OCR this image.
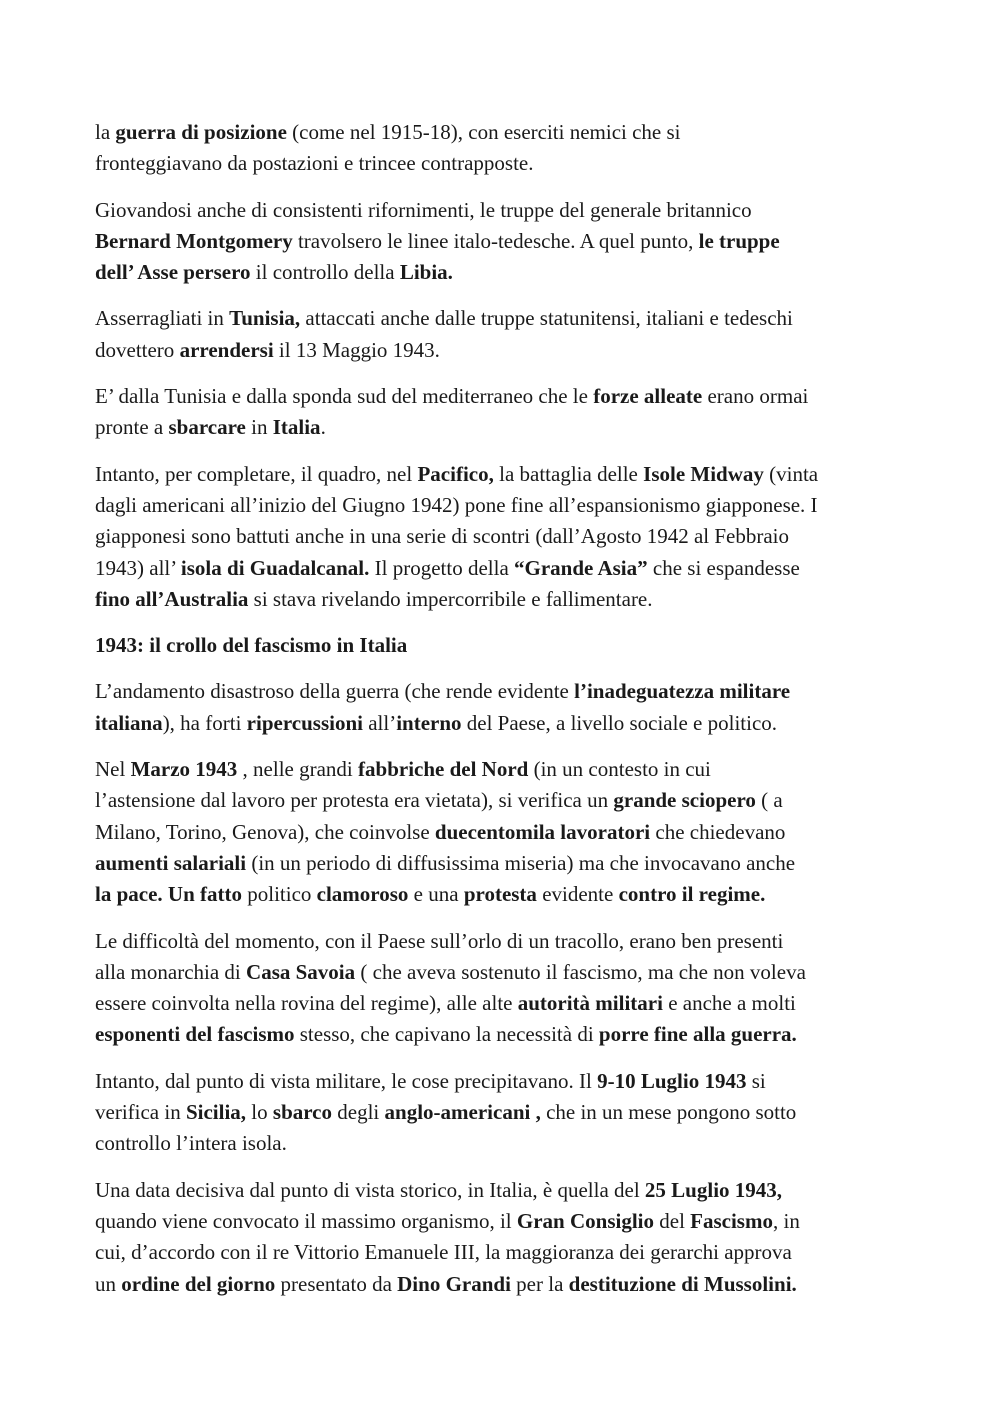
la guerra di posizione (come nel 1915-18), con eserciti nemici che si
fronteggiavano da postazioni e trincee contrapposte.
Giovandosi anche di consistenti rifornimenti, le truppe del generale britannico
Bernard Montgomery travolsero le linee italo-tedesche. A quel punto, le truppe
dell’ Asse persero il controllo della Libia.
Asserragliati in Tunisia, attaccati anche dalle truppe statunitensi, italiani e tedeschi
dovettero arrendersi il 13 Maggio 1943.
E’ dalla Tunisia e dalla sponda sud del mediterraneo che le forze alleate erano ormai
pronte a sbarcare in Italia.
Intanto, per completare, il quadro, nel Pacifico, la battaglia delle Isole Midway (vinta
dagli americani all’inizio del Giugno 1942) pone fine all’espansionismo giapponese. I
giapponesi sono battuti anche in una serie di scontri (dall’Agosto 1942 al Febbraio
1943) all’ isola di Guadalcanal. Il progetto della “Grande Asia” che si espandesse
fino all’Australia si stava rivelando impercorribile e fallimentare.
1943: il crollo del fascismo in Italia
L’andamento disastroso della guerra (che rende evidente l’inadeguatezza militare
italiana), ha forti ripercussioni all’interno del Paese, a livello sociale e politico.
Nel Marzo 1943 , nelle grandi fabbriche del Nord (in un contesto in cui
l’astensione dal lavoro per protesta era vietata), si verifica un grande sciopero ( a
Milano, Torino, Genova), che coinvolse duecentomila lavoratori che chiedevano
aumenti salariali (in un periodo di diffusissima miseria) ma che invocavano anche
la pace. Un fatto politico clamoroso e una protesta evidente contro il regime.
Le difficoltà del momento, con il Paese sull’orlo di un tracollo, erano ben presenti
alla monarchia di Casa Savoia ( che aveva sostenuto il fascismo, ma che non voleva
essere coinvolta nella rovina del regime), alle alte autorità militari e anche a molti
esponenti del fascismo stesso, che capivano la necessità di porre fine alla guerra.
Intanto, dal punto di vista militare, le cose precipitavano. Il 9-10 Luglio 1943 si
verifica in Sicilia, lo sbarco degli anglo-americani , che in un mese pongono sotto
controllo l’intera isola.
Una data decisiva dal punto di vista storico, in Italia, è quella del 25 Luglio 1943,
quando viene convocato il massimo organismo, il Gran Consiglio del Fascismo, in
cui, d’accordo con il re Vittorio Emanuele III, la maggioranza dei gerarchi approva
un ordine del giorno presentato da Dino Grandi per la destituzione di Mussolini.
